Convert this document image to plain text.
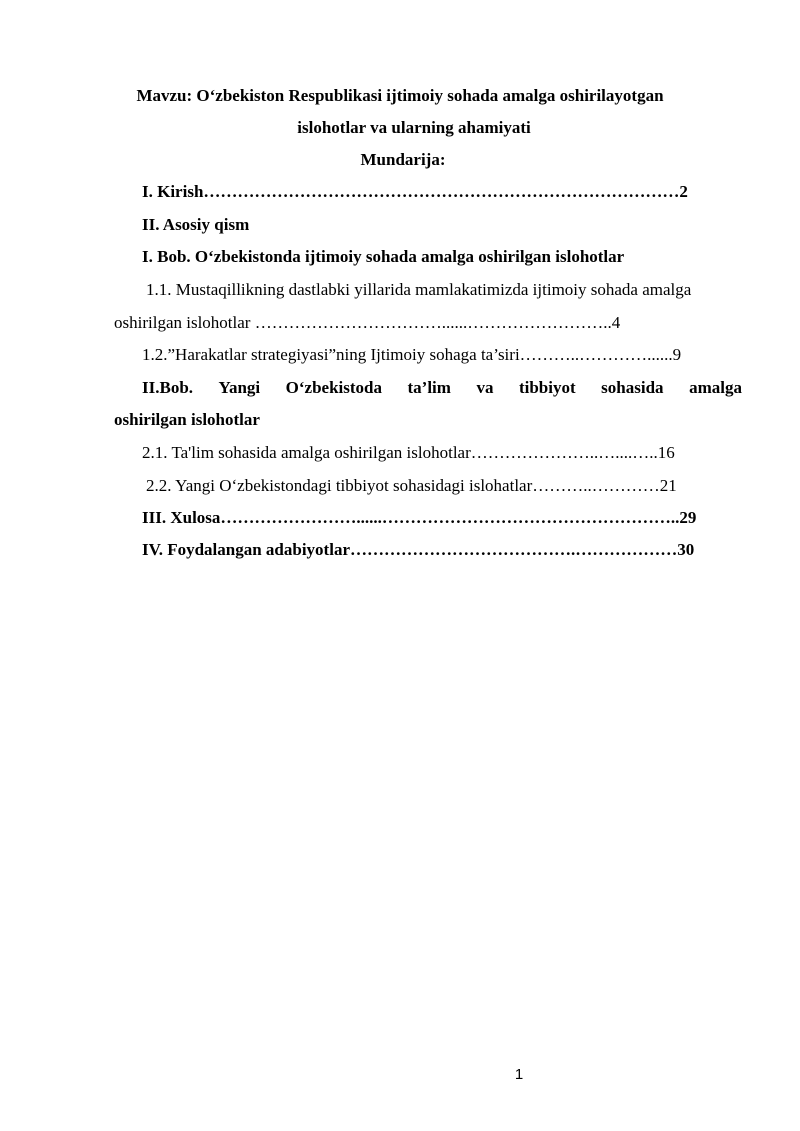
Mavzu: O‘zbekiston Respublikasi ijtimoiy sohada amalga oshirilayotgan
islohotlar va ularning ahamiyati
Mundarija:
I. Kirish…………………………………………………………………………2
II. Asosiy qism
I. Bob. O‘zbekistonda ijtimoiy sohada amalga oshirilgan islohotlar
1.1. Mustaqillikning dastlabki yillarida mamlakatimizda ijtimoiy sohada amalga
oshirilgan islohotlar ……………………………......……………………..4
1.2.”Harakatlar strategiyasi”ning Ijtimoiy sohaga ta’siri………..…………......9
II.Bob. Yangi O‘zbekistoda ta’lim va tibbiyot sohasida amalga
oshirilgan islohotlar
2.1. Ta'lim sohasida amalga oshirilgan islohotlar…………………..…....…..16
2.2. Yangi O‘zbekistondagi tibbiyot sohasidagi islohatlar………..…………21
III. Xulosa……………………......……………………………………………..29
IV. Foydalangan adabiyotlar………………………………….………………30
1
